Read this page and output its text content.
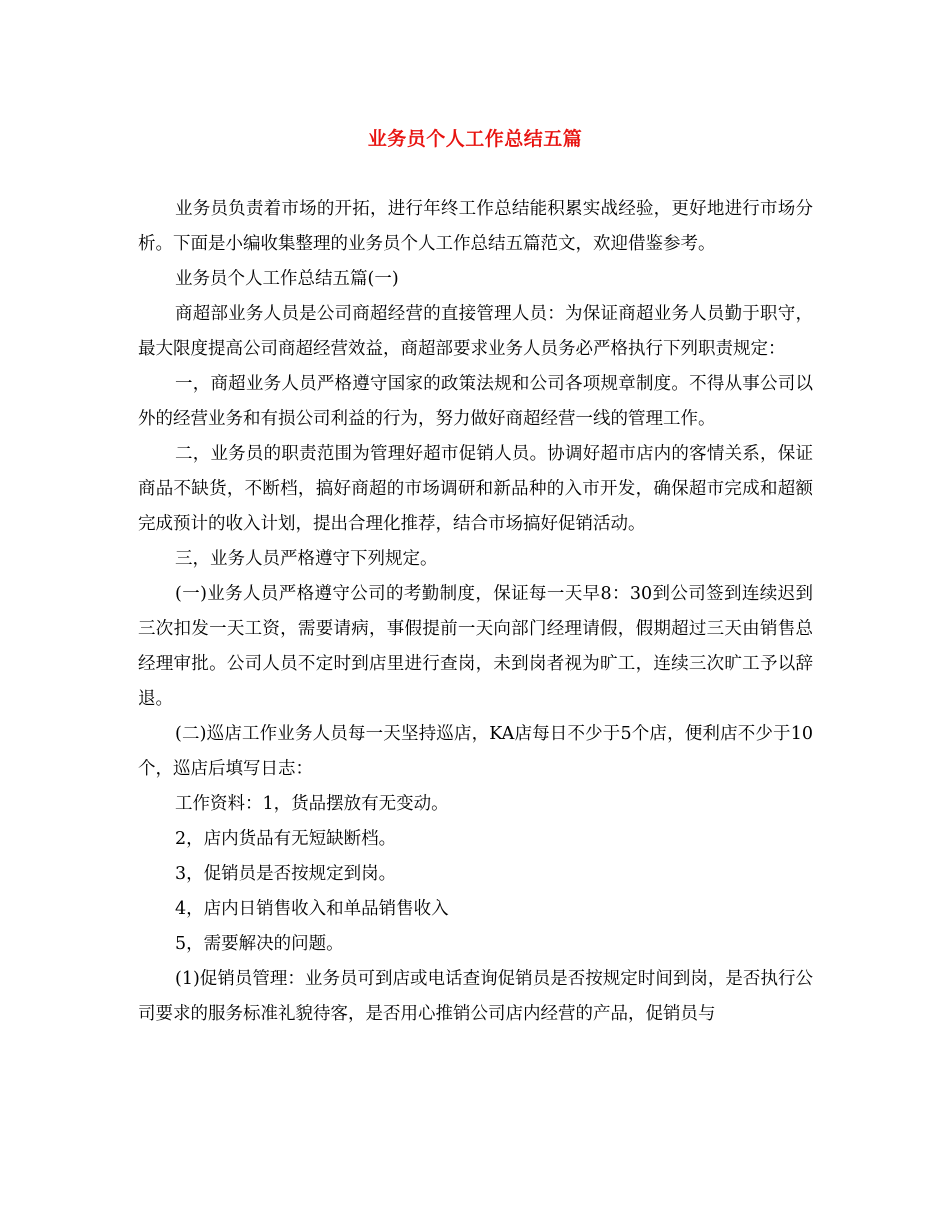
业务员个人工作总结五篇

业务员负责着市场的开拓，进行年终工作总结能积累实战经验，更好地进行市场分析。下面是小编收集整理的业务员个人工作总结五篇范文，欢迎借鉴参考。

业务员个人工作总结五篇(一)

商超部业务人员是公司商超经营的直接管理人员：为保证商超业务人员勤于职守，最大限度提高公司商超经营效益，商超部要求业务人员务必严格执行下列职责规定：

一，商超业务人员严格遵守国家的政策法规和公司各项规章制度。不得从事公司以外的经营业务和有损公司利益的行为，努力做好商超经营一线的管理工作。

二，业务员的职责范围为管理好超市促销人员。协调好超市店内的客情关系，保证商品不缺货，不断档，搞好商超的市场调研和新品种的入市开发，确保超市完成和超额完成预计的收入计划，提出合理化推荐，结合市场搞好促销活动。

三，业务人员严格遵守下列规定。

(一)业务人员严格遵守公司的考勤制度，保证每一天早8：30到公司签到连续迟到三次扣发一天工资，需要请病，事假提前一天向部门经理请假，假期超过三天由销售总经理审批。公司人员不定时到店里进行查岗，未到岗者视为旷工，连续三次旷工予以辞退。

(二)巡店工作业务人员每一天坚持巡店，KA店每日不少于5个店，便利店不少于10个，巡店后填写日志：

工作资料：1，货品摆放有无变动。

2，店内货品有无短缺断档。

3，促销员是否按规定到岗。

4，店内日销售收入和单品销售收入

5，需要解决的问题。

(1)促销员管理：业务员可到店或电话查询促销员是否按规定时间到岗，是否执行公司要求的服务标准礼貌待客，是否用心推销公司店内经营的产品，促销员与
